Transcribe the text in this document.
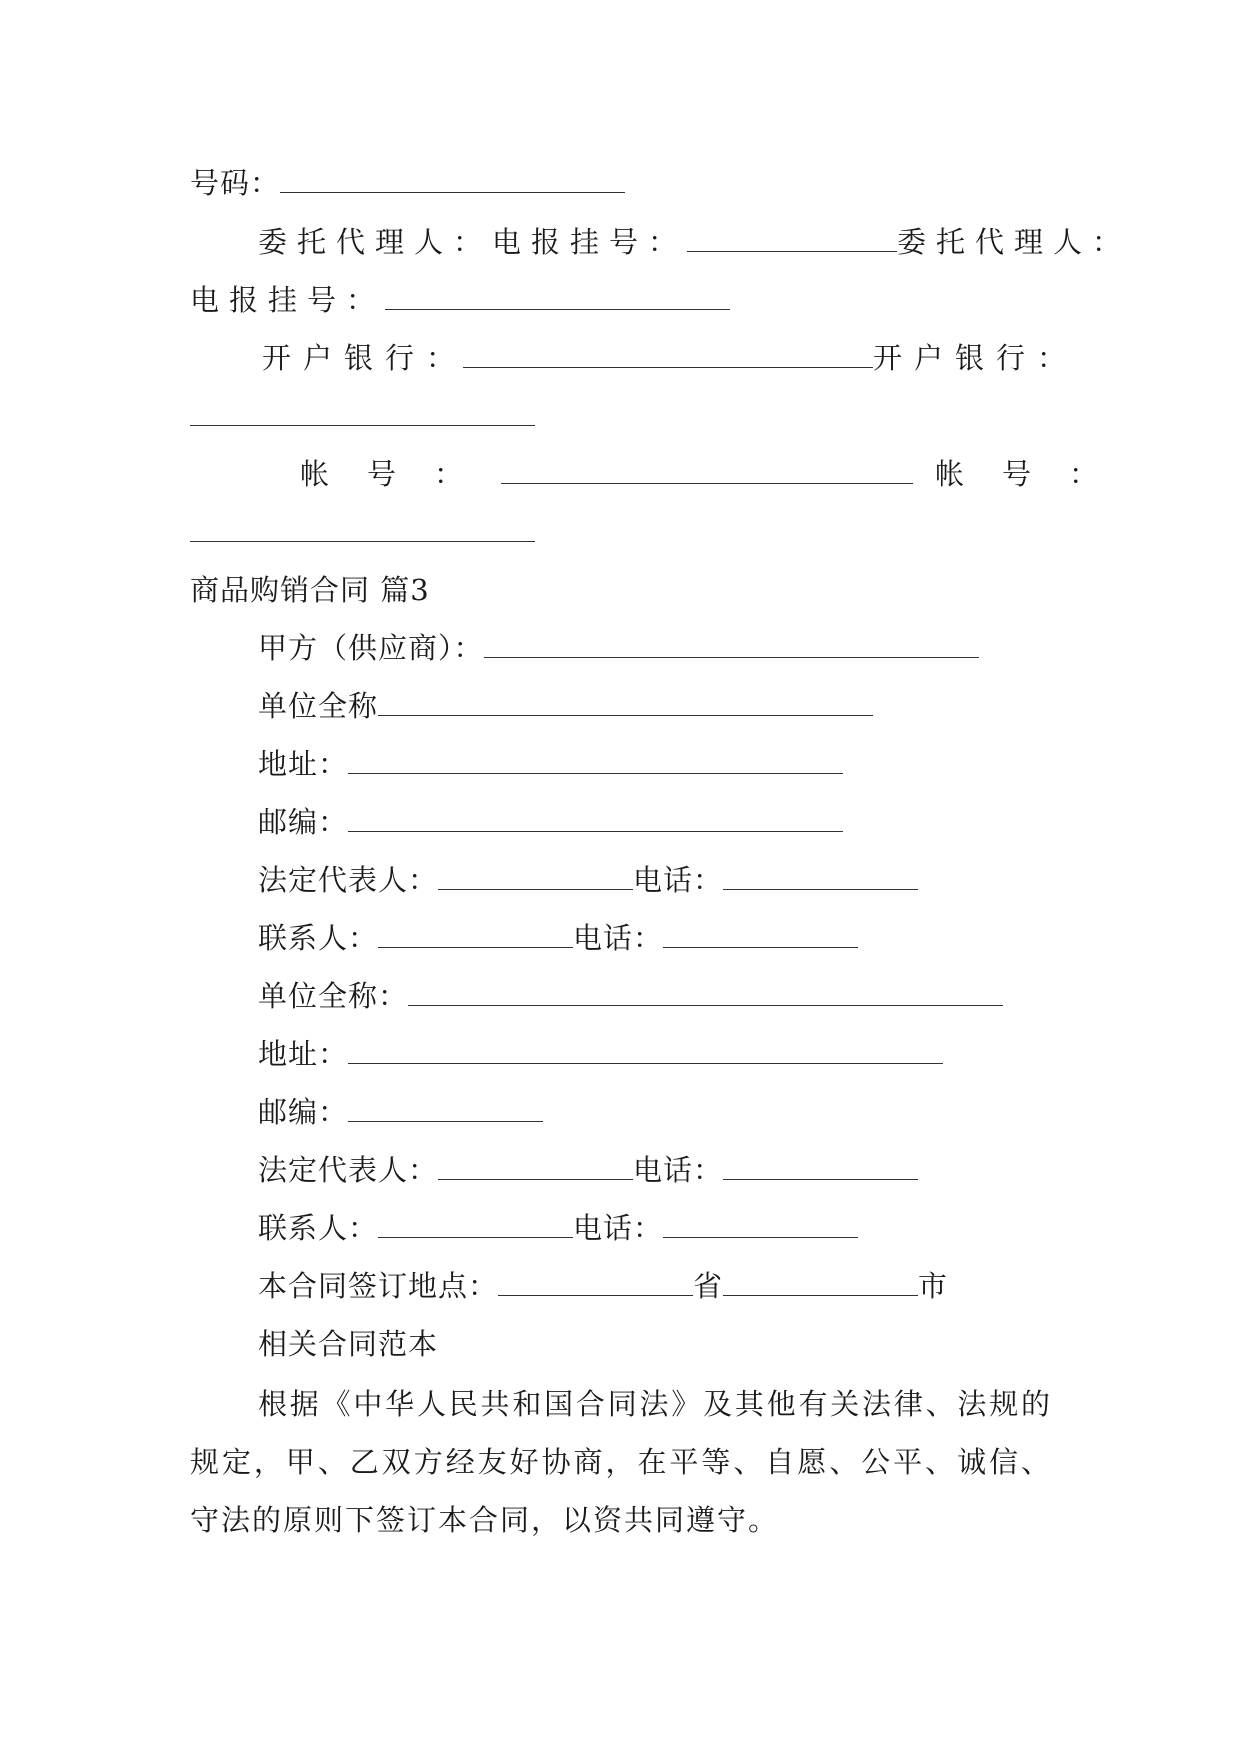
号码：
委托代理人：电报挂号：	委托代理人：
电报挂号：
开户银行：	开户银行：
帐号：	帐号：
商品购销合同 篇3
甲方（供应商）：
单位全称
地址：
邮编：
法定代表人：	电话：
联系人：	电话：
单位全称：
地址：
邮编：
法定代表人：	电话：
联系人：	电话：
本合同签订地点：	省	市
相关合同范本
根据《中华人民共和国合同法》及其他有关法律、法规的规定，甲、乙双方经友好协商，在平等、自愿、公平、诚信、守法的原则下签订本合同，以资共同遵守。
